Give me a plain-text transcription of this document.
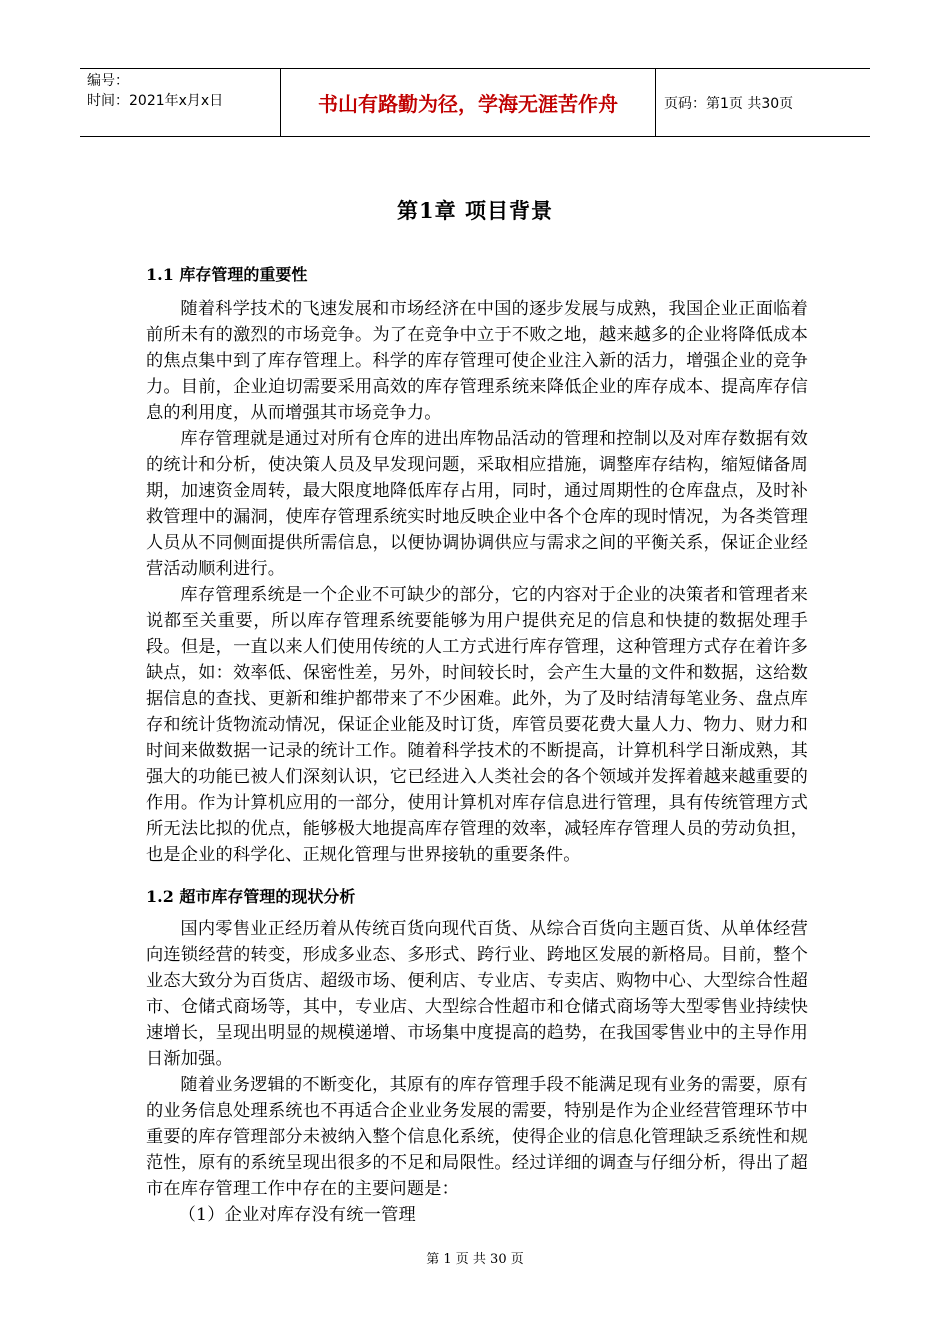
编号：
时间：2021年x月x日	书山有路勤为径，学海无涯苦作舟	页码：第1页 共30页
第1章 项目背景
1.1 库存管理的重要性

随着科学技术的飞速发展和市场经济在中国的逐步发展与成熟，我国企业正面临着前所未有的激烈的市场竞争。为了在竞争中立于不败之地，越来越多的企业将降低成本的焦点集中到了库存管理上。科学的库存管理可使企业注入新的活力，增强企业的竞争力。目前，企业迫切需要采用高效的库存管理系统来降低企业的库存成本、提高库存信息的利用度，从而增强其市场竞争力。

库存管理就是通过对所有仓库的进出库物品活动的管理和控制以及对库存数据有效的统计和分析，使决策人员及早发现问题，采取相应措施，调整库存结构，缩短储备周期，加速资金周转，最大限度地降低库存占用，同时，通过周期性的仓库盘点，及时补救管理中的漏洞，使库存管理系统实时地反映企业中各个仓库的现时情况，为各类管理人员从不同侧面提供所需信息，以便协调协调供应与需求之间的平衡关系，保证企业经营活动顺利进行。

库存管理系统是一个企业不可缺少的部分，它的内容对于企业的决策者和管理者来说都至关重要，所以库存管理系统要能够为用户提供充足的信息和快捷的数据处理手段。但是，一直以来人们使用传统的人工方式进行库存管理，这种管理方式存在着许多缺点，如：效率低、保密性差，另外，时间较长时，会产生大量的文件和数据，这给数据信息的查找、更新和维护都带来了不少困难。此外，为了及时结清每笔业务、盘点库存和统计货物流动情况，保证企业能及时订货，库管员要花费大量人力、物力、财力和时间来做数据一记录的统计工作。随着科学技术的不断提高，计算机科学日渐成熟，其强大的功能已被人们深刻认识，它已经进入人类社会的各个领域并发挥着越来越重要的作用。作为计算机应用的一部分，使用计算机对库存信息进行管理，具有传统管理方式所无法比拟的优点，能够极大地提高库存管理的效率，减轻库存管理人员的劳动负担，也是企业的科学化、正规化管理与世界接轨的重要条件。

1.2 超市库存管理的现状分析

国内零售业正经历着从传统百货向现代百货、从综合百货向主题百货、从单体经营向连锁经营的转变，形成多业态、多形式、跨行业、跨地区发展的新格局。目前，整个业态大致分为百货店、超级市场、便利店、专业店、专卖店、购物中心、大型综合性超市、仓储式商场等，其中，专业店、大型综合性超市和仓储式商场等大型零售业持续快速增长，呈现出明显的规模递增、市场集中度提高的趋势，在我国零售业中的主导作用日渐加强。

随着业务逻辑的不断变化，其原有的库存管理手段不能满足现有业务的需要，原有的业务信息处理系统也不再适合企业业务发展的需要，特别是作为企业经营管理环节中重要的库存管理部分未被纳入整个信息化系统，使得企业的信息化管理缺乏系统性和规范性，原有的系统呈现出很多的不足和局限性。经过详细的调查与仔细分析，得出了超市在库存管理工作中存在的主要问题是：

（1）企业对库存没有统一管理

第 1 页 共 30 页
